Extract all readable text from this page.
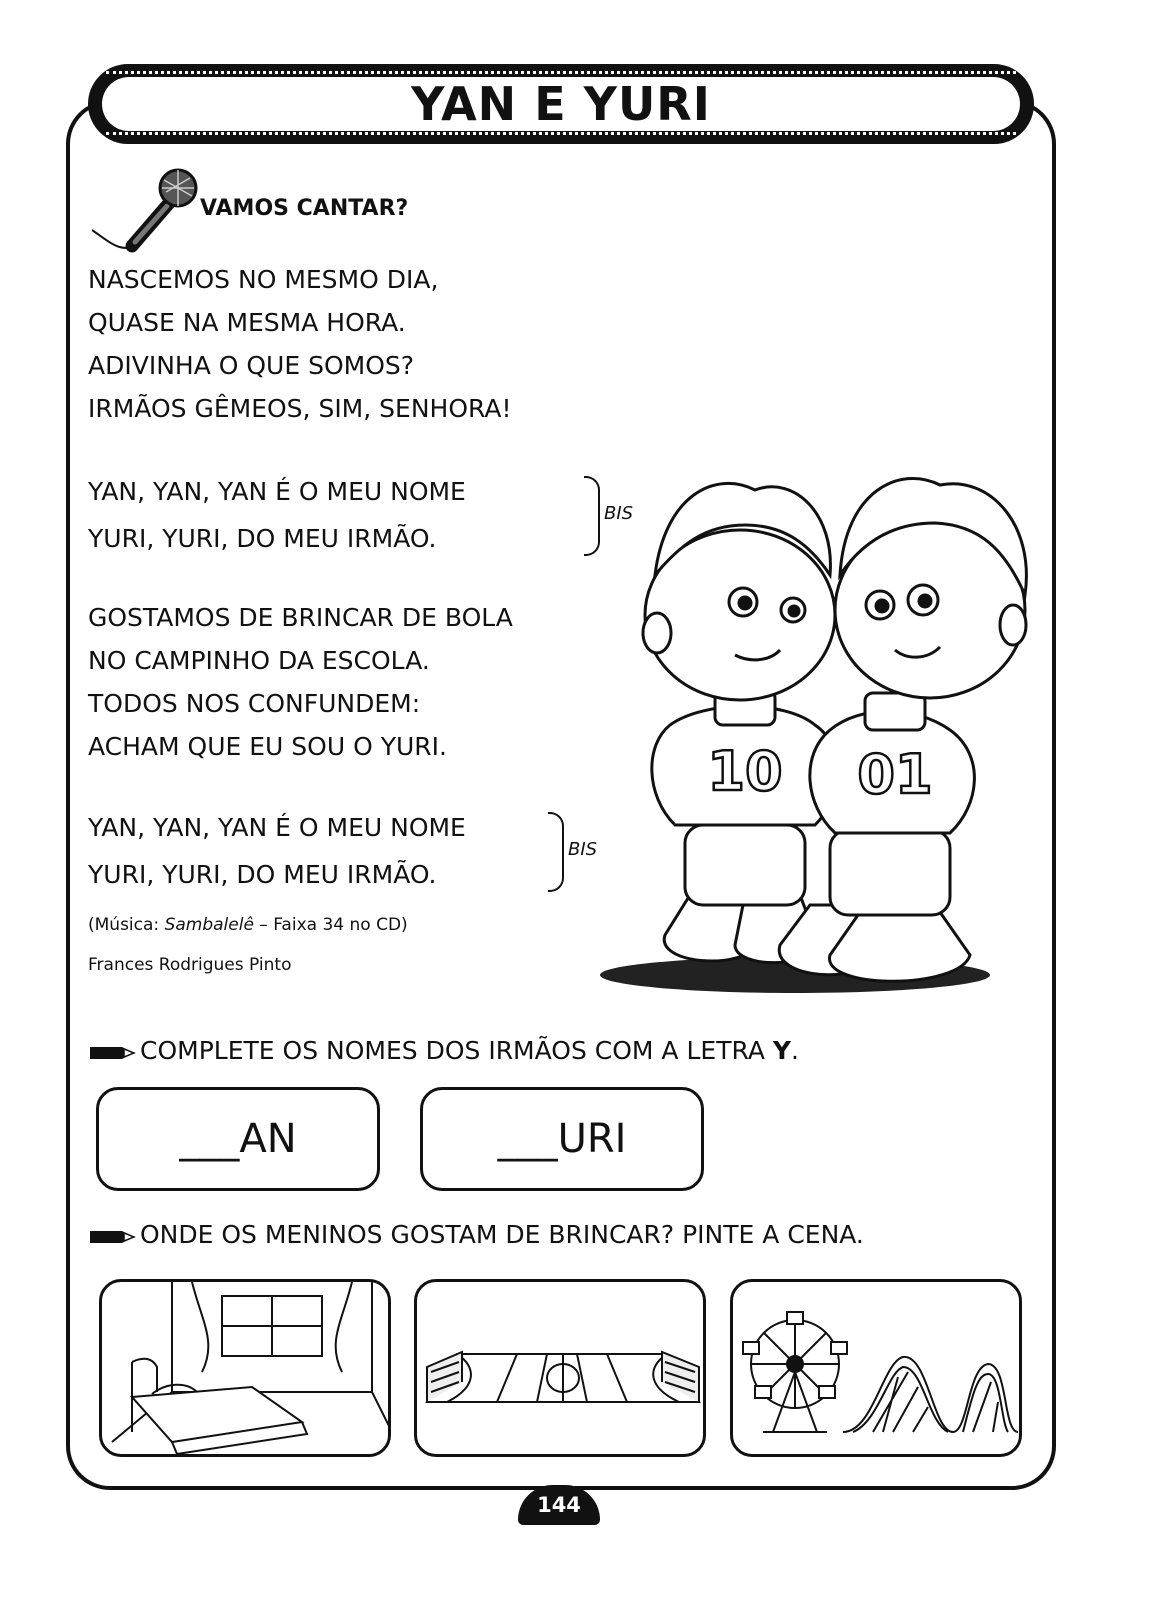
YAN E YURI
VAMOS CANTAR?
NASCEMOS NO MESMO DIA,
QUASE NA MESMA HORA.
ADIVINHA O QUE SOMOS?
IRMÃOS GÊMEOS, SIM, SENHORA!
YAN, YAN, YAN É O MEU NOME
YURI, YURI, DO MEU IRMÃO.
BIS
GOSTAMOS DE BRINCAR DE BOLA
NO CAMPINHO DA ESCOLA.
TODOS NOS CONFUNDEM:
ACHAM QUE EU SOU O YURI.
YAN, YAN, YAN É O MEU NOME
YURI, YURI, DO MEU IRMÃO.
BIS
(Música: Sambalelê – Faixa 34 no CD)
Frances Rodrigues Pinto
10 01
COMPLETE OS NOMES DOS IRMÃOS COM A LETRA Y.
___AN	___URI
ONDE OS MENINOS GOSTAM DE BRINCAR? PINTE A CENA.
144
